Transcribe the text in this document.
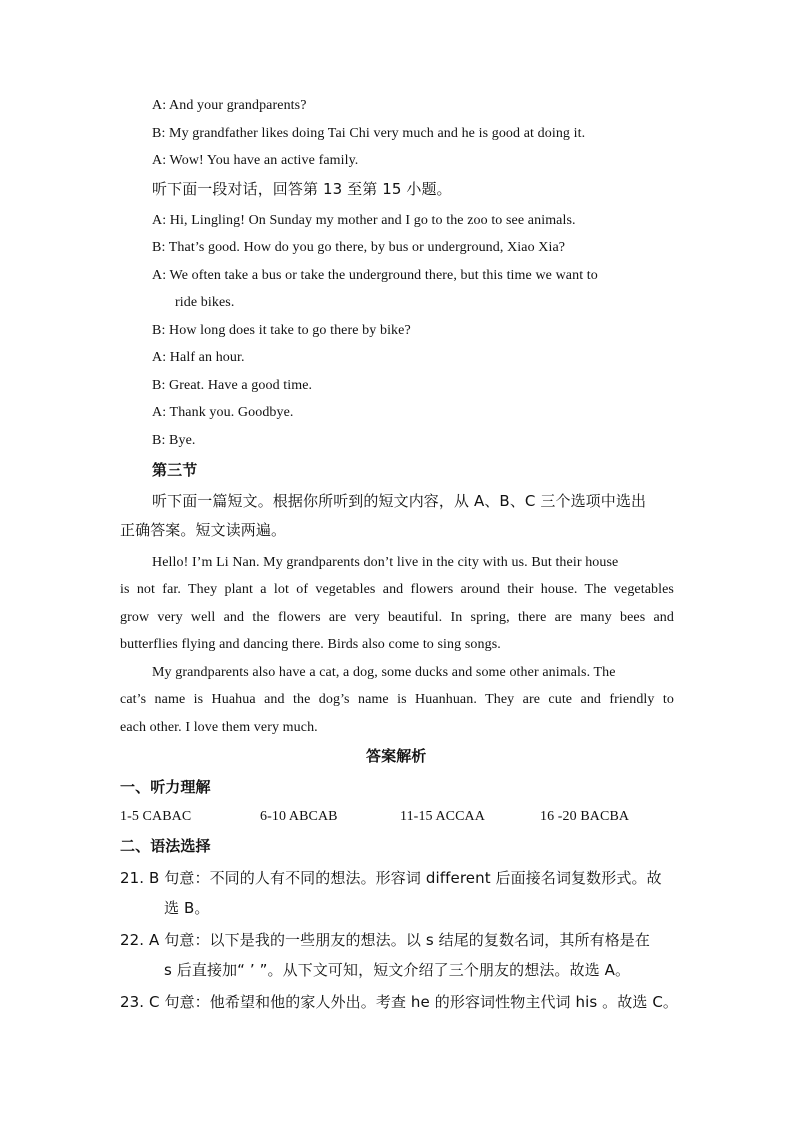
A: And your grandparents?
B: My grandfather likes doing Tai Chi very much and he is good at doing it.
A: Wow! You have an active family.
听下面一段对话，回答第 13 至第 15 小题。
A: Hi, Lingling! On Sunday my mother and I go to the zoo to see animals.
B: That’s good. How do you go there, by bus or underground, Xiao Xia?
A: We often take a bus or take the underground there, but this time we want to
ride bikes.
B: How long does it take to go there by bike?
A: Half an hour.
B: Great. Have a good time.
A: Thank you. Goodbye.
B: Bye.
第三节
听下面一篇短文。根据你所听到的短文内容，从 A、B、C 三个选项中选出
正确答案。短文读两遍。
Hello! I’m Li Nan. My grandparents don’t live in the city with us. But their house
is not far. They plant a lot of vegetables and flowers around their house. The vegetables
grow very well and the flowers are very beautiful. In spring, there are many bees and
butterflies flying and dancing there. Birds also come to sing songs.
My grandparents also have a cat, a dog, some ducks and some other animals. The
cat’s name is Huahua and the dog’s name is Huanhuan. They are cute and friendly to
each other. I love them very much.
答案解析
一、听力理解
1-5 CABAC	6-10 ABCAB	11-15 ACCAA	16 -20 BACBA
二、语法选择
21. B 句意：不同的人有不同的想法。形容词 different 后面接名词复数形式。故
选 B。
22. A 句意：以下是我的一些朋友的想法。以 s 结尾的复数名词，其所有格是在
s 后直接加“ ’ ”。从下文可知，短文介绍了三个朋友的想法。故选 A。
23. C 句意：他希望和他的家人外出。考查 he 的形容词性物主代词 his 。故选 C。
